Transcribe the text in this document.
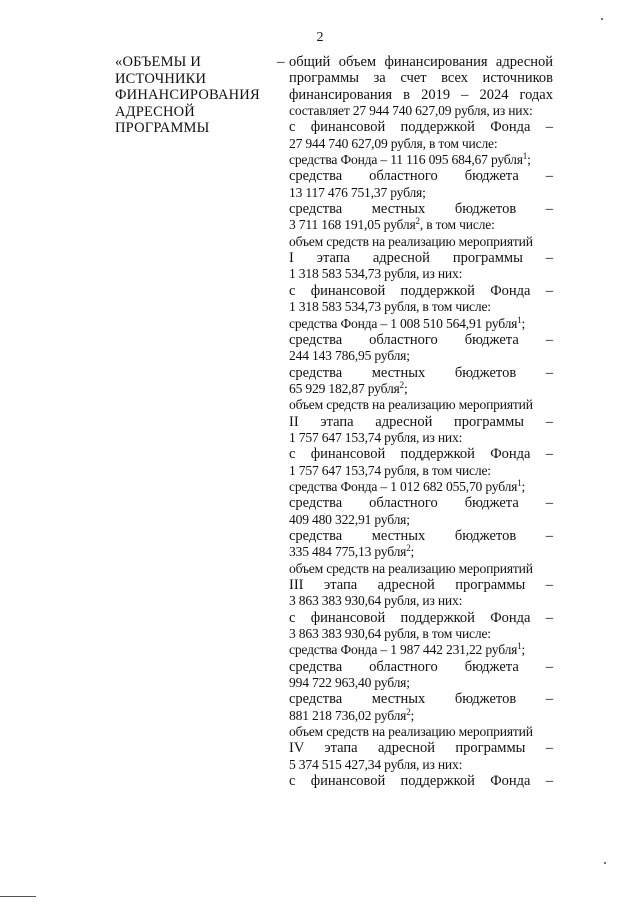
2
«ОБЪЕМЫ И
ИСТОЧНИКИ
ФИНАНСИРОВАНИЯ
АДРЕСНОЙ
ПРОГРАММЫ
– общий объем финансирования адресной
программы за счет всех источников
финансирования в 2019 – 2024 годах
составляет 27 944 740 627,09 рубля, из них:
с финансовой поддержкой Фонда –
27 944 740 627,09 рубля, в том числе:
средства Фонда – 11 116 095 684,67 рубля$^1$;
средства областного бюджета –
13 117 476 751,37 рубля;
средства местных бюджетов –
3 711 168 191,05 рубля$^2$, в том числе:
объем средств на реализацию мероприятий
I этапа адресной программы –
1 318 583 534,73 рубля, из них:
с финансовой поддержкой Фонда –
1 318 583 534,73 рубля, в том числе:
средства Фонда – 1 008 510 564,91 рубля$^1$;
средства областного бюджета –
244 143 786,95 рубля;
средства местных бюджетов –
65 929 182,87 рубля$^2$;
объем средств на реализацию мероприятий
II этапа адресной программы –
1 757 647 153,74 рубля, из них:
с финансовой поддержкой Фонда –
1 757 647 153,74 рубля, в том числе:
средства Фонда – 1 012 682 055,70 рубля$^1$;
средства областного бюджета –
409 480 322,91 рубля;
средства местных бюджетов –
335 484 775,13 рубля$^2$;
объем средств на реализацию мероприятий
III этапа адресной программы –
3 863 383 930,64 рубля, из них:
с финансовой поддержкой Фонда –
3 863 383 930,64 рубля, в том числе:
средства Фонда – 1 987 442 231,22 рубля$^1$;
средства областного бюджета –
994 722 963,40 рубля;
средства местных бюджетов –
881 218 736,02 рубля$^2$;
объем средств на реализацию мероприятий
IV этапа адресной программы –
5 374 515 427,34 рубля, из них:
с финансовой поддержкой Фонда –
